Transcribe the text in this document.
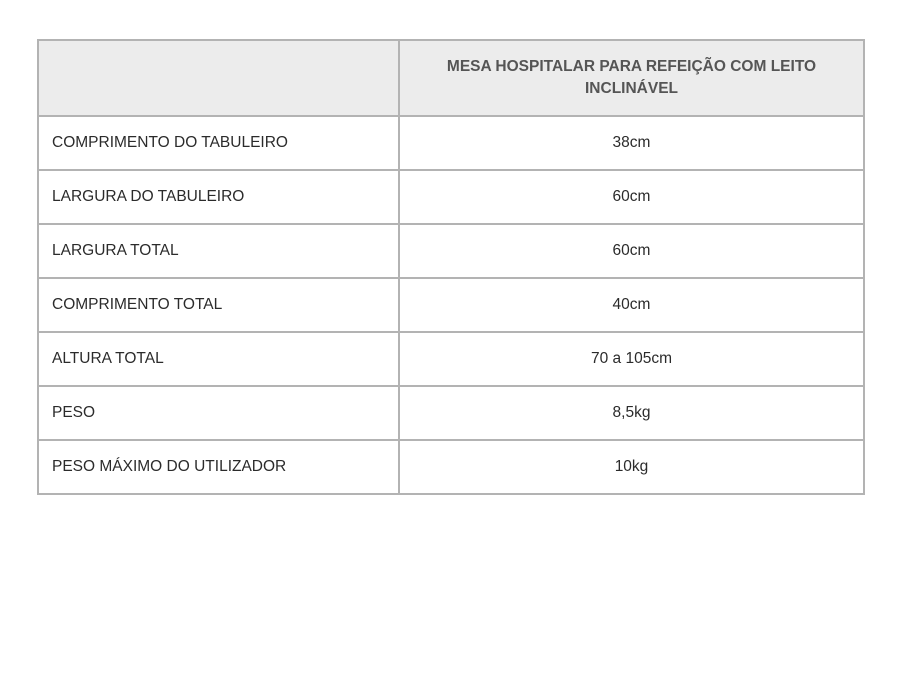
	MESA HOSPITALAR PARA REFEIÇÃO COM LEITO INCLINÁVEL
COMPRIMENTO DO TABULEIRO	38cm
LARGURA DO TABULEIRO	60cm
LARGURA TOTAL	60cm
COMPRIMENTO TOTAL	40cm
ALTURA TOTAL	70 a 105cm
PESO	8,5kg
PESO MÁXIMO DO UTILIZADOR	10kg
